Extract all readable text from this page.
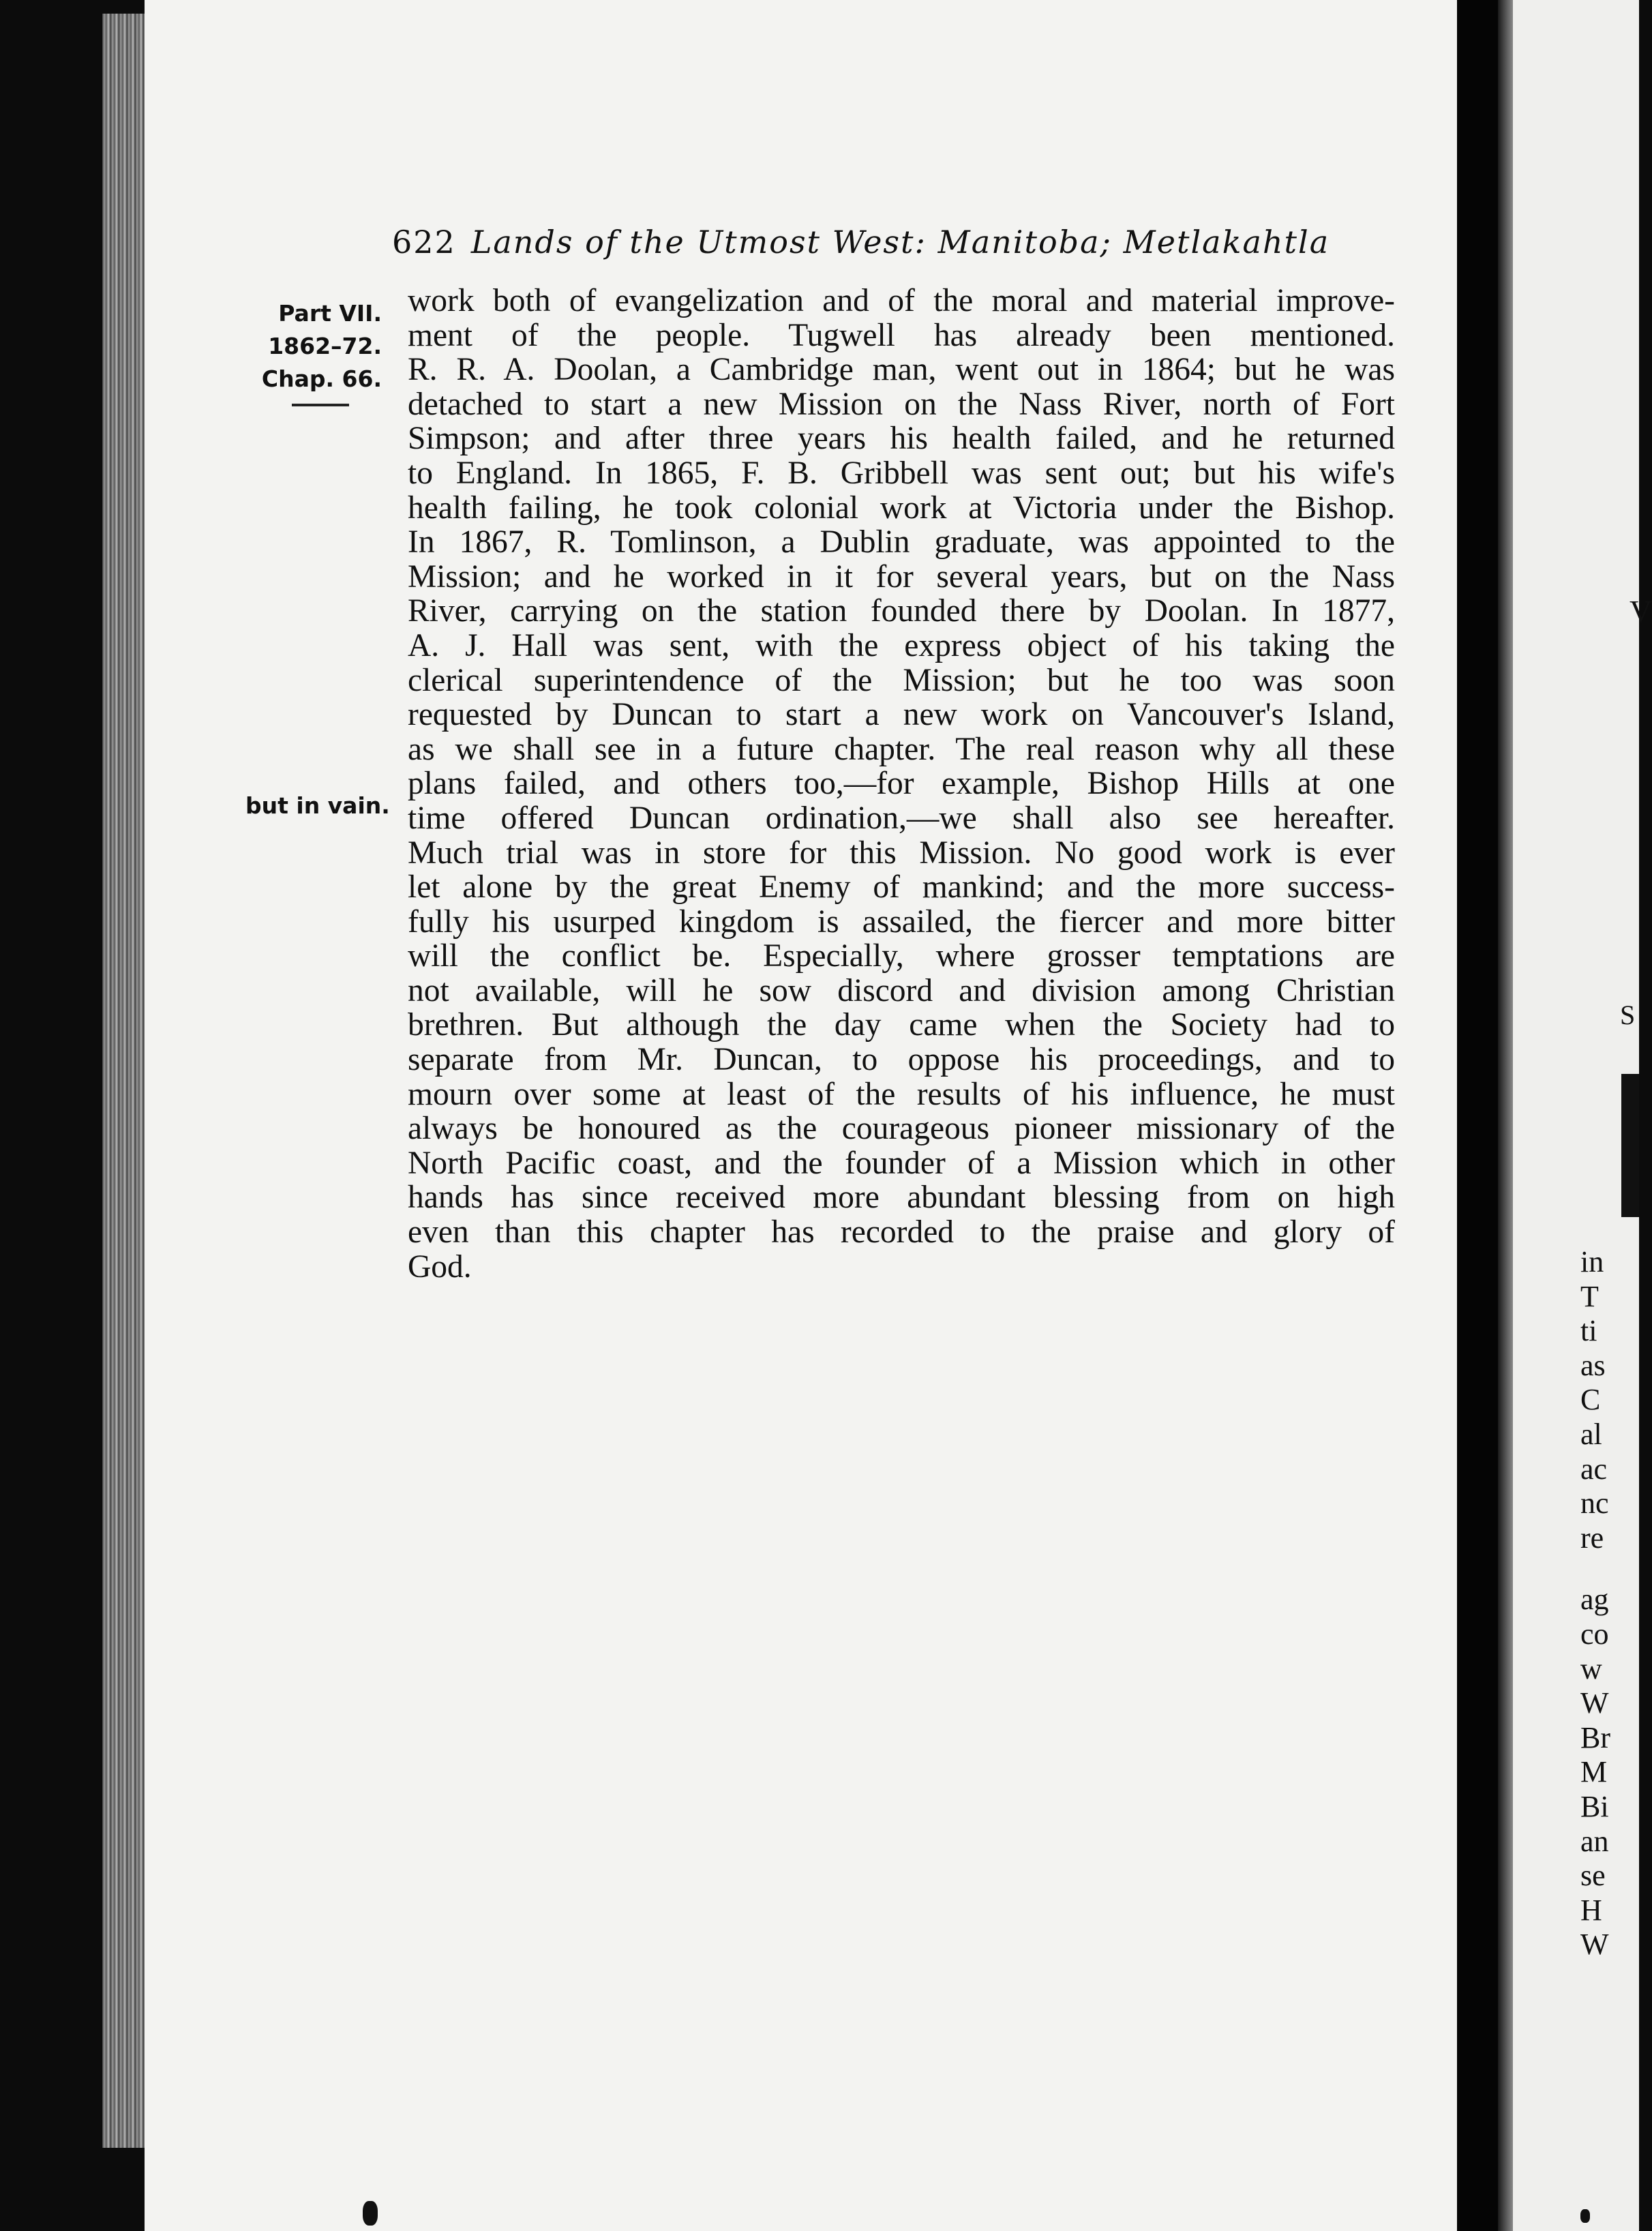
622 Lands of the Utmost West: Manitoba; Metlakahtla
Part VII.
1862–72.
Chap. 66.
but in vain.
work both of evangelization and of the moral and material improve-
ment of the people. Tugwell has already been mentioned.
R. R. A. Doolan, a Cambridge man, went out in 1864; but he was
detached to start a new Mission on the Nass River, north of Fort
Simpson; and after three years his health failed, and he returned
to England. In 1865, F. B. Gribbell was sent out; but his wife's
health failing, he took colonial work at Victoria under the Bishop.
In 1867, R. Tomlinson, a Dublin graduate, was appointed to the
Mission; and he worked in it for several years, but on the Nass
River, carrying on the station founded there by Doolan. In 1877,
A. J. Hall was sent, with the express object of his taking the
clerical superintendence of the Mission; but he too was soon
requested by Duncan to start a new work on Vancouver's Island,
as we shall see in a future chapter. The real reason why all these
plans failed, and others too,—for example, Bishop Hills at one
time offered Duncan ordination,—we shall also see hereafter.
Much trial was in store for this Mission. No good work is ever
let alone by the great Enemy of mankind; and the more success-
fully his usurped kingdom is assailed, the fiercer and more bitter
will the conflict be. Especially, where grosser temptations are
not available, will he sow discord and division among Christian
brethren. But although the day came when the Society had to
separate from Mr. Duncan, to oppose his proceedings, and to
mourn over some at least of the results of his influence, he must
always be honoured as the courageous pioneer missionary of the
North Pacific coast, and the founder of a Mission which in other
hands has since received more abundant blessing from on high
even than this chapter has recorded to the praise and glory of
God.
V
S
in
T
ti
as
C
al
ac
nc
re
ag
co
w
W
Br
M
Bi
an
se
H
W
